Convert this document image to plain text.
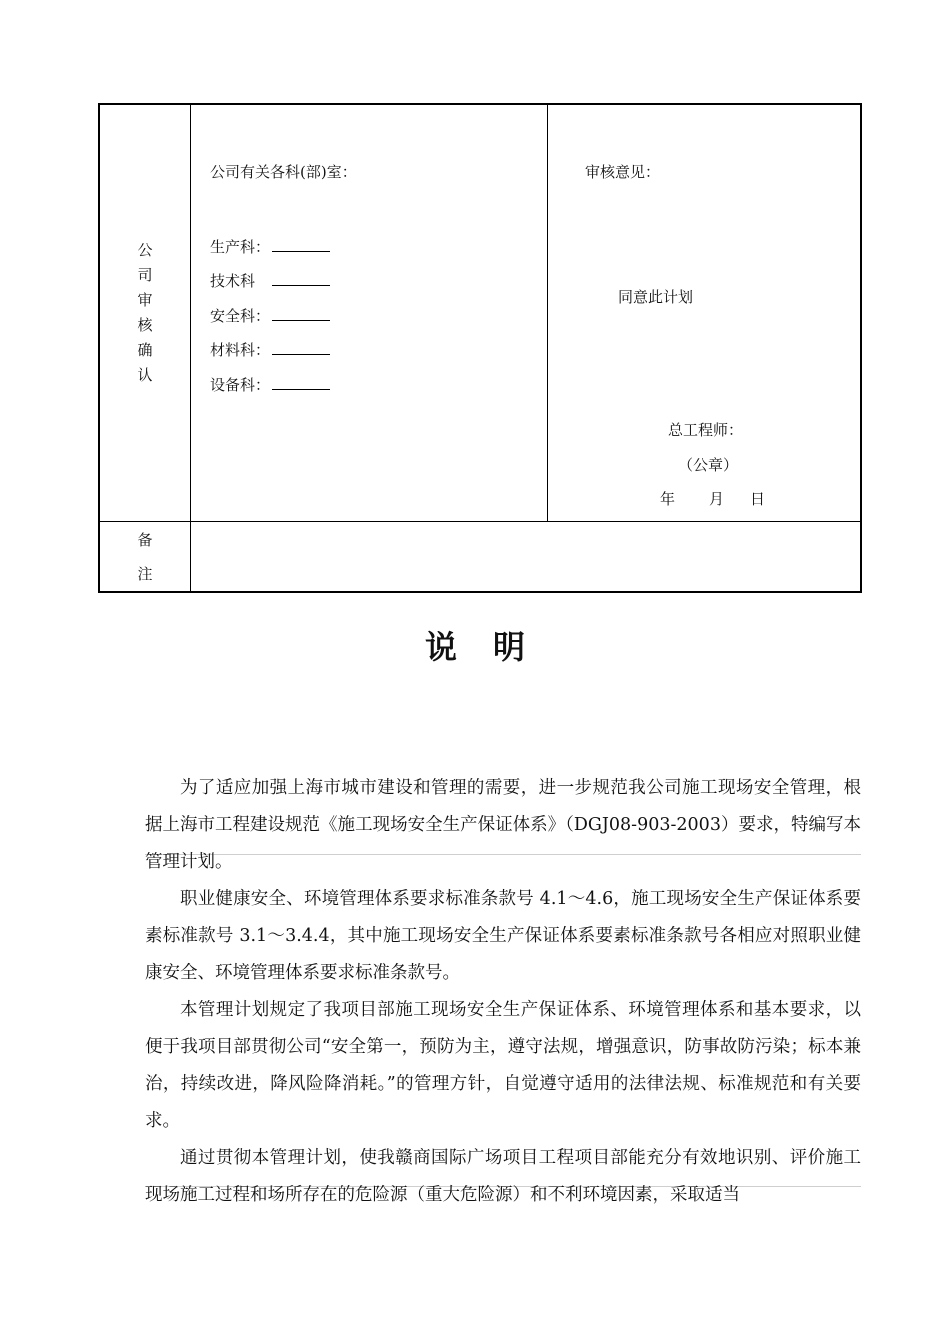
公
司
审
核
确
认
公司有关各科(部)室：
生产科：
技术科
安全科：
材料科：
设备科：
审核意见：
同意此计划
总工程师：
（公章）
年 月 日
备
注
说明

为了适应加强上海市城市建设和管理的需要，进一步规范我公司施工现场安全管理，根据上海市工程建设规范《施工现场安全生产保证体系》（DGJ08-903-2003）要求，特编写本管理计划。

职业健康安全、环境管理体系要求标准条款号 4.1～4.6，施工现场安全生产保证体系要素标准款号 3.1～3.4.4，其中施工现场安全生产保证体系要素标准条款号各相应对照职业健康安全、环境管理体系要求标准条款号。

本管理计划规定了我项目部施工现场安全生产保证体系、环境管理体系和基本要求，以便于我项目部贯彻公司“安全第一，预防为主，遵守法规，增强意识，防事故防污染；标本兼治，持续改进，降风险降消耗。”的管理方针，自觉遵守适用的法律法规、标准规范和有关要求。

通过贯彻本管理计划，使我赣商国际广场项目工程项目部能充分有效地识别、评价施工现场施工过程和场所存在的危险源（重大危险源）和不利环境因素，采取适当
